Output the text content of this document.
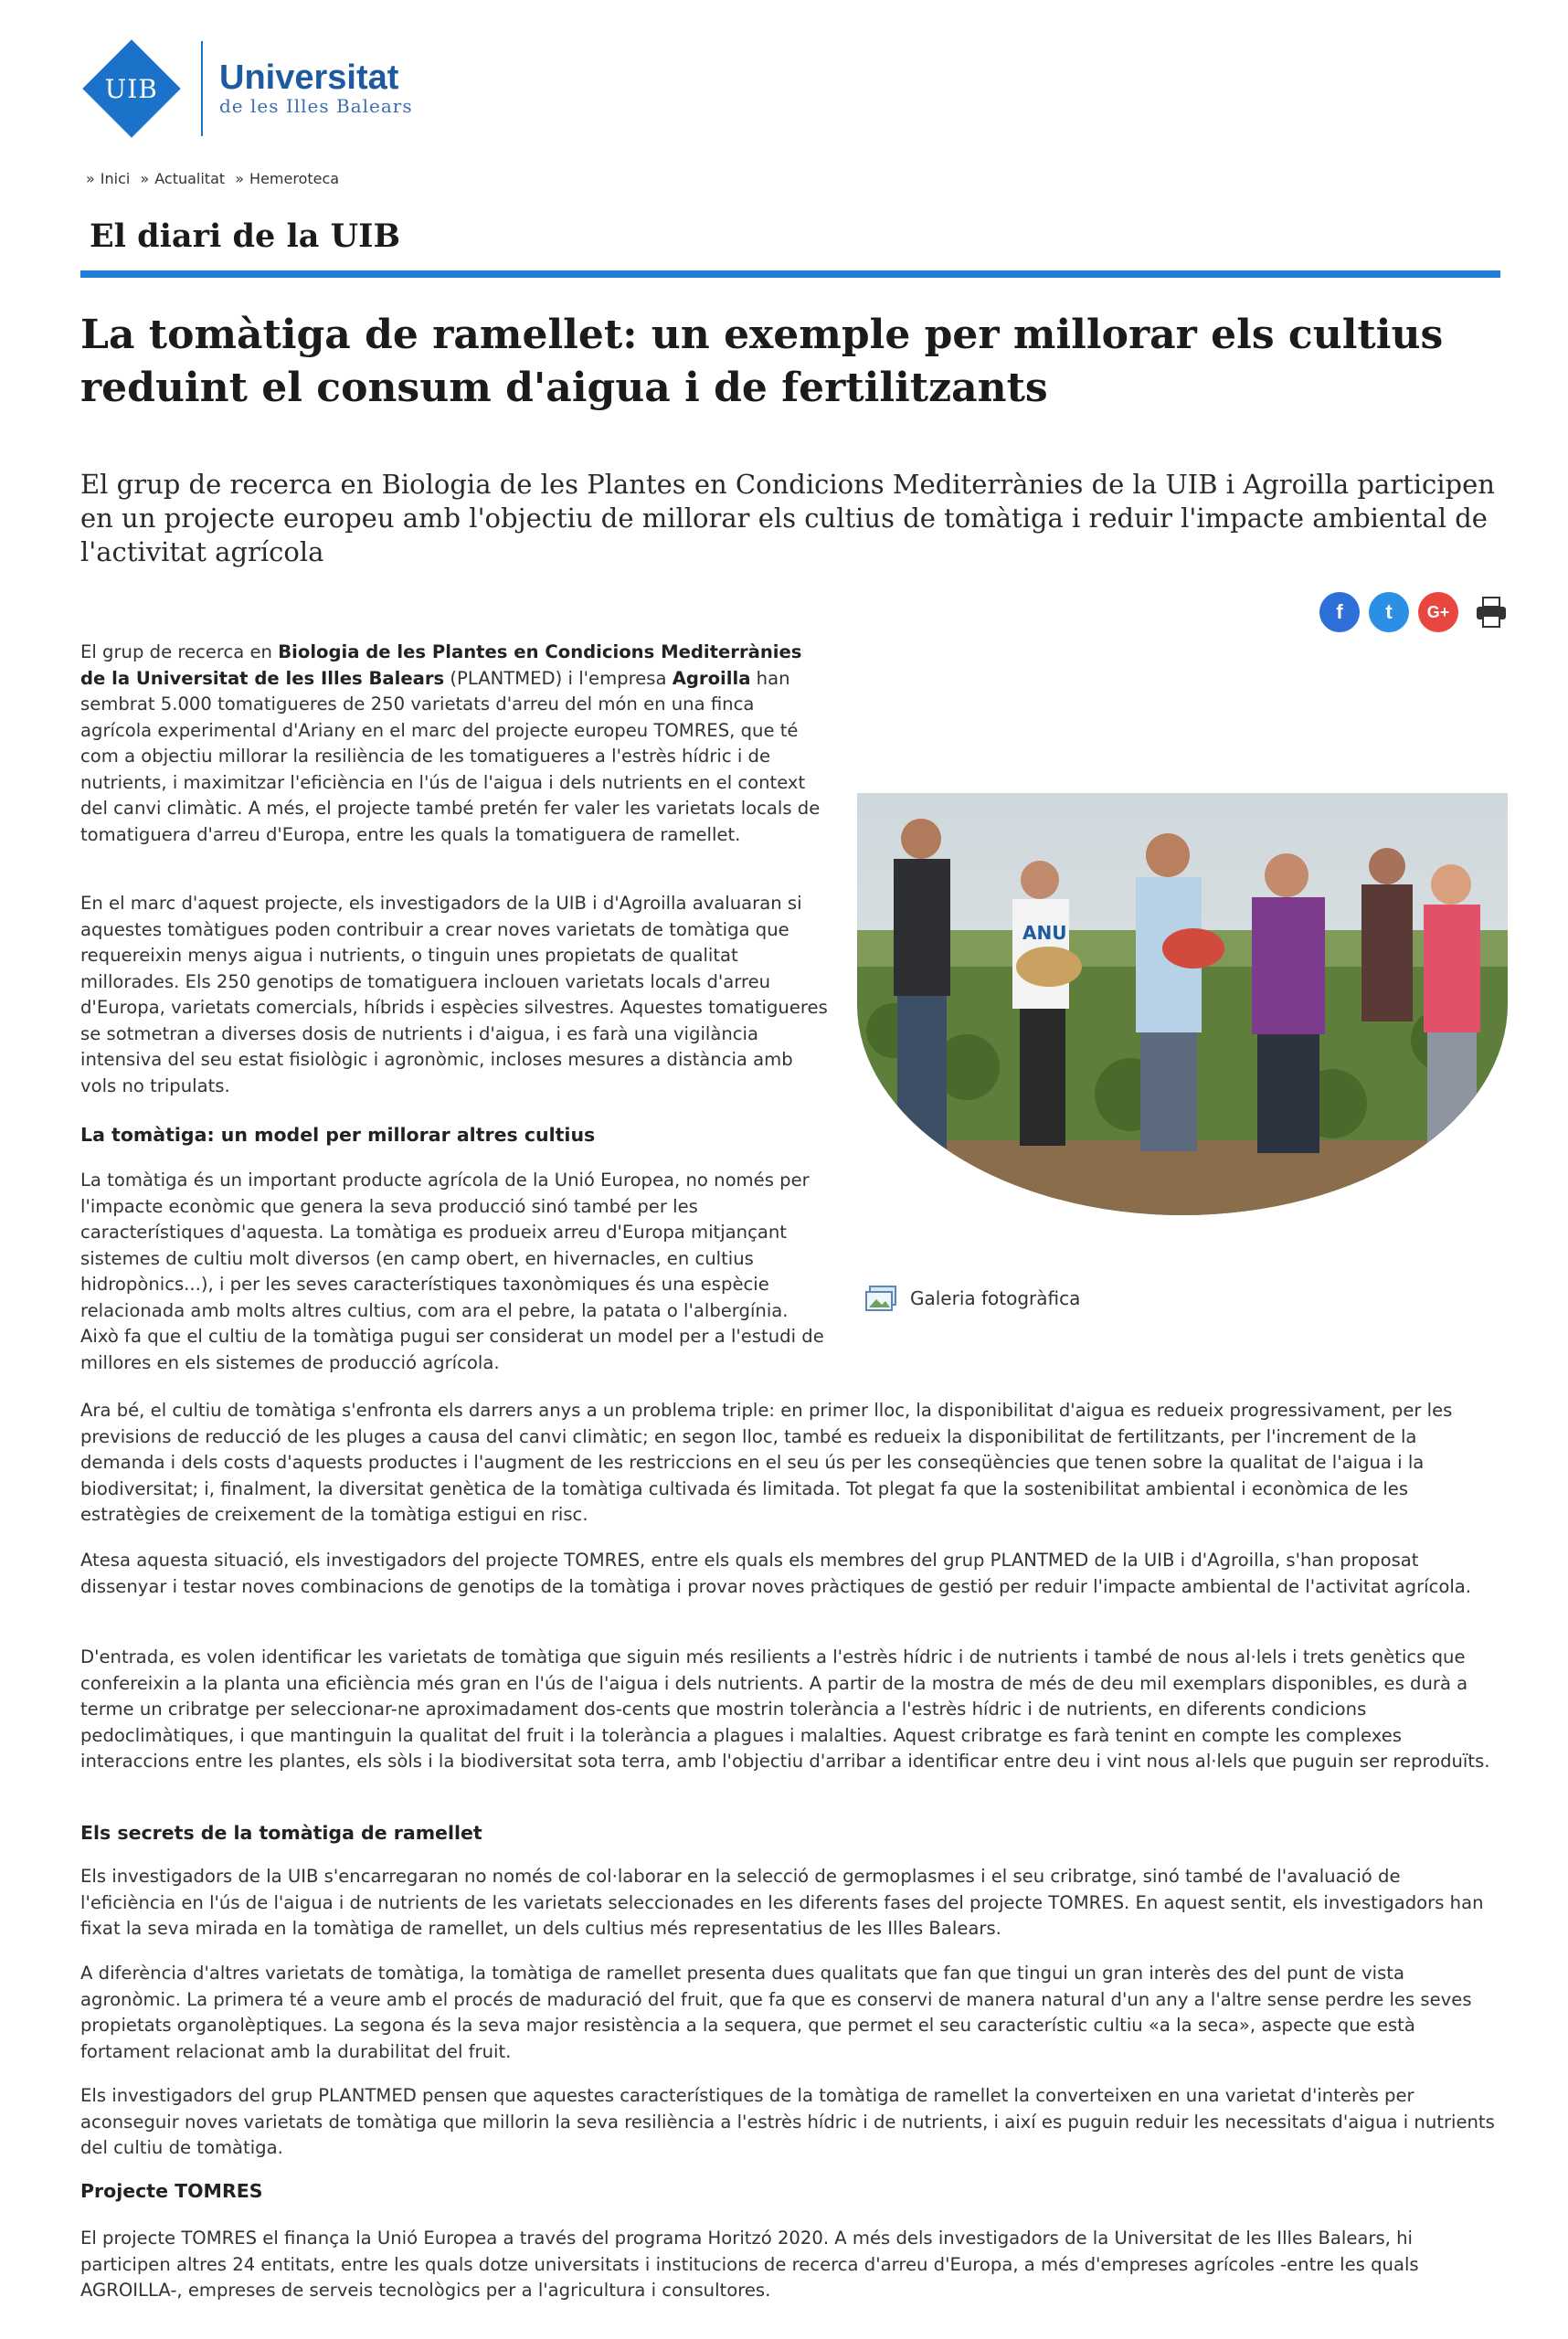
UIB Universitat
de les Illes Balears
» Inici » Actualitat » Hemeroteca
El diari de la UIB
La tomàtiga de ramellet: un exemple per millorar els cultius reduint el consum d'aigua i de fertilitzants

El grup de recerca en Biologia de les Plantes en Condicions Mediterrànies de la UIB i Agroilla participen en un projecte europeu amb l'objectiu de millorar els cultius de tomàtiga i reduir l'impacte ambiental de l'activitat agrícola

f t G+

El grup de recerca en Biologia de les Plantes en Condicions Mediterrànies de la Universitat de les Illes Balears (PLANTMED) i l'empresa Agroilla han sembrat 5.000 tomatigueres de 250 varietats d'arreu del món en una finca agrícola experimental d'Ariany en el marc del projecte europeu TOMRES, que té com a objectiu millorar la resiliència de les tomatigueres a l'estrès hídric i de nutrients, i maximitzar l'eficiència en l'ús de l'aigua i dels nutrients en el context del canvi climàtic. A més, el projecte també pretén fer valer les varietats locals de tomatiguera d'arreu d'Europa, entre les quals la tomatiguera de ramellet.

En el marc d'aquest projecte, els investigadors de la UIB i d'Agroilla avaluaran si aquestes tomàtigues poden contribuir a crear noves varietats de tomàtiga que requereixin menys aigua i nutrients, o tinguin unes propietats de qualitat millorades. Els 250 genotips de tomatiguera inclouen varietats locals d'arreu d'Europa, varietats comercials, híbrids i espècies silvestres. Aquestes tomatigueres se sotmetran a diverses dosis de nutrients i d'aigua, i es farà una vigilància intensiva del seu estat fisiològic i agronòmic, incloses mesures a distància amb vols no tripulats.

La tomàtiga: un model per millorar altres cultius

La tomàtiga és un important producte agrícola de la Unió Europea, no només per l'impacte econòmic que genera la seva producció sinó també per les característiques d'aquesta. La tomàtiga es produeix arreu d'Europa mitjançant sistemes de cultiu molt diversos (en camp obert, en hivernacles, en cultius hidropònics...), i per les seves característiques taxonòmiques és una espècie relacionada amb molts altres cultius, com ara el pebre, la patata o l'albergínia. Això fa que el cultiu de la tomàtiga pugui ser considerat un model per a l'estudi de millores en els sistemes de producció agrícola.

ANU
Galeria fotogràfica

Ara bé, el cultiu de tomàtiga s'enfronta els darrers anys a un problema triple: en primer lloc, la disponibilitat d'aigua es redueix progressivament, per les previsions de reducció de les pluges a causa del canvi climàtic; en segon lloc, també es redueix la disponibilitat de fertilitzants, per l'increment de la demanda i dels costs d'aquests productes i l'augment de les restriccions en el seu ús per les conseqüències que tenen sobre la qualitat de l'aigua i la biodiversitat; i, finalment, la diversitat genètica de la tomàtiga cultivada és limitada. Tot plegat fa que la sostenibilitat ambiental i econòmica de les estratègies de creixement de la tomàtiga estigui en risc.

Atesa aquesta situació, els investigadors del projecte TOMRES, entre els quals els membres del grup PLANTMED de la UIB i d'Agroilla, s'han proposat dissenyar i testar noves combinacions de genotips de la tomàtiga i provar noves pràctiques de gestió per reduir l'impacte ambiental de l'activitat agrícola.

D'entrada, es volen identificar les varietats de tomàtiga que siguin més resilients a l'estrès hídric i de nutrients i també de nous al·lels i trets genètics que confereixin a la planta una eficiència més gran en l'ús de l'aigua i dels nutrients. A partir de la mostra de més de deu mil exemplars disponibles, es durà a terme un cribratge per seleccionar-ne aproximadament dos-cents que mostrin tolerància a l'estrès hídric i de nutrients, en diferents condicions pedoclimàtiques, i que mantinguin la qualitat del fruit i la tolerància a plagues i malalties. Aquest cribratge es farà tenint en compte les complexes interaccions entre les plantes, els sòls i la biodiversitat sota terra, amb l'objectiu d'arribar a identificar entre deu i vint nous al·lels que puguin ser reproduïts.

Els secrets de la tomàtiga de ramellet

Els investigadors de la UIB s'encarregaran no només de col·laborar en la selecció de germoplasmes i el seu cribratge, sinó també de l'avaluació de l'eficiència en l'ús de l'aigua i de nutrients de les varietats seleccionades en les diferents fases del projecte TOMRES. En aquest sentit, els investigadors han fixat la seva mirada en la tomàtiga de ramellet, un dels cultius més representatius de les Illes Balears.

A diferència d'altres varietats de tomàtiga, la tomàtiga de ramellet presenta dues qualitats que fan que tingui un gran interès des del punt de vista agronòmic. La primera té a veure amb el procés de maduració del fruit, que fa que es conservi de manera natural d'un any a l'altre sense perdre les seves propietats organolèptiques. La segona és la seva major resistència a la sequera, que permet el seu característic cultiu «a la seca», aspecte que està fortament relacionat amb la durabilitat del fruit.

Els investigadors del grup PLANTMED pensen que aquestes característiques de la tomàtiga de ramellet la converteixen en una varietat d'interès per aconseguir noves varietats de tomàtiga que millorin la seva resiliència a l'estrès hídric i de nutrients, i així es puguin reduir les necessitats d'aigua i nutrients del cultiu de tomàtiga.

Projecte TOMRES

El projecte TOMRES el finança la Unió Europea a través del programa Horitzó 2020. A més dels investigadors de la Universitat de les Illes Balears, hi participen altres 24 entitats, entre les quals dotze universitats i institucions de recerca d'arreu d'Europa, a més d'empreses agrícoles -entre les quals AGROILLA-, empreses de serveis tecnològics per a l'agricultura i consultores.
